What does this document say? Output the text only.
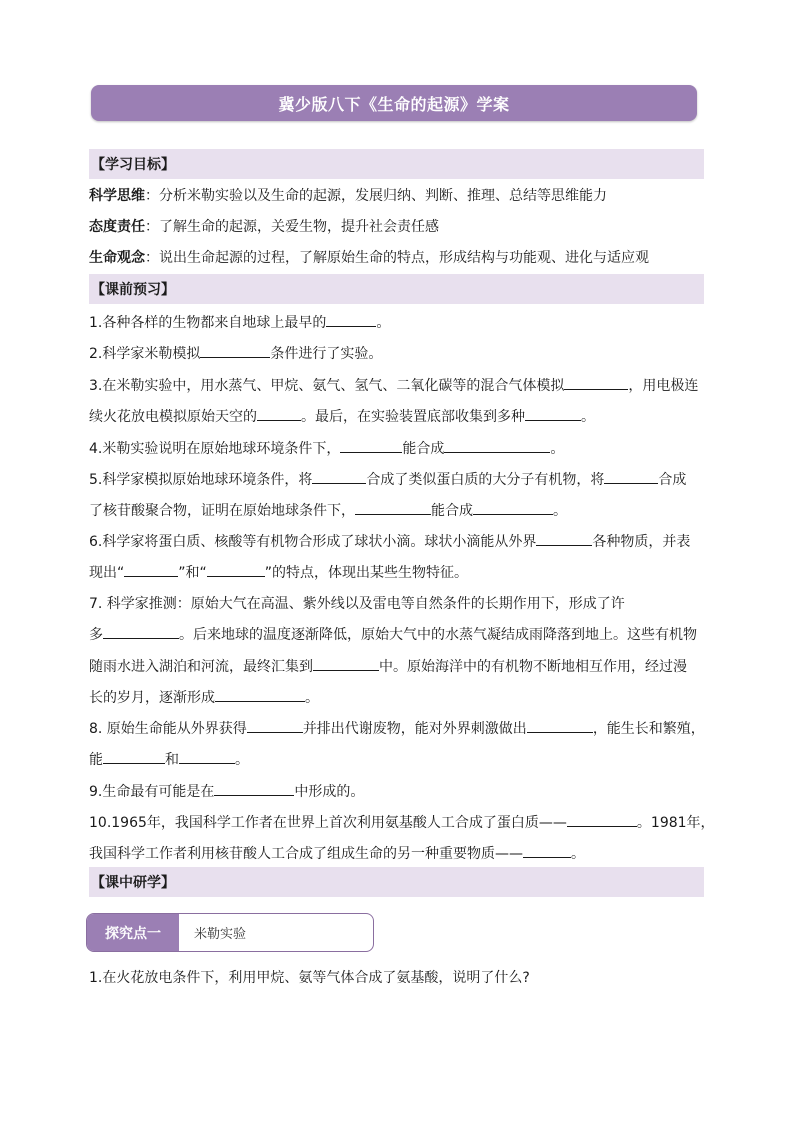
冀少版八下《生命的起源》学案
【学习目标】
科学思维：分析米勒实验以及生命的起源，发展归纳、判断、推理、总结等思维能力
态度责任：了解生命的起源，关爱生物，提升社会责任感
生命观念：说出生命起源的过程，了解原始生命的特点，形成结构与功能观、进化与适应观
【课前预习】
1.各种各样的生物都来自地球上最早的	。
2.科学家米勒模拟	条件进行了实验。
3.在米勒实验中，用水蒸气、甲烷、氨气、氢气、二氧化碳等的混合气体模拟	，用电极连
续火花放电模拟原始天空的	。最后，在实验装置底部收集到多种	。
4.米勒实验说明在原始地球环境条件下，	能合成	。
5.科学家模拟原始地球环境条件，将	合成了类似蛋白质的大分子有机物，将	合成
了核苷酸聚合物，证明在原始地球条件下，	能合成	。
6.科学家将蛋白质、核酸等有机物合形成了球状小滴。球状小滴能从外界	各种物质，并表
现出“	”和“	”的特点，体现出某些生物特征。
7. 科学家推测：原始大气在高温、紫外线以及雷电等自然条件的长期作用下，形成了许
多	。后来地球的温度逐渐降低，原始大气中的水蒸气凝结成雨降落到地上。这些有机物
随雨水进入湖泊和河流，最终汇集到	中。原始海洋中的有机物不断地相互作用，经过漫
长的岁月，逐渐形成	。
8. 原始生命能从外界获得	并排出代谢废物，能对外界刺激做出	，能生长和繁殖，
能	和	。
9.生命最有可能是在	中形成的。
10.1965年，我国科学工作者在世界上首次利用氨基酸人工合成了蛋白质——	。1981年，
我国科学工作者利用核苷酸人工合成了组成生命的另一种重要物质——	。
【课中研学】
探究点一	米勒实验
1.在火花放电条件下，利用甲烷、氨等气体合成了氨基酸，说明了什么?
